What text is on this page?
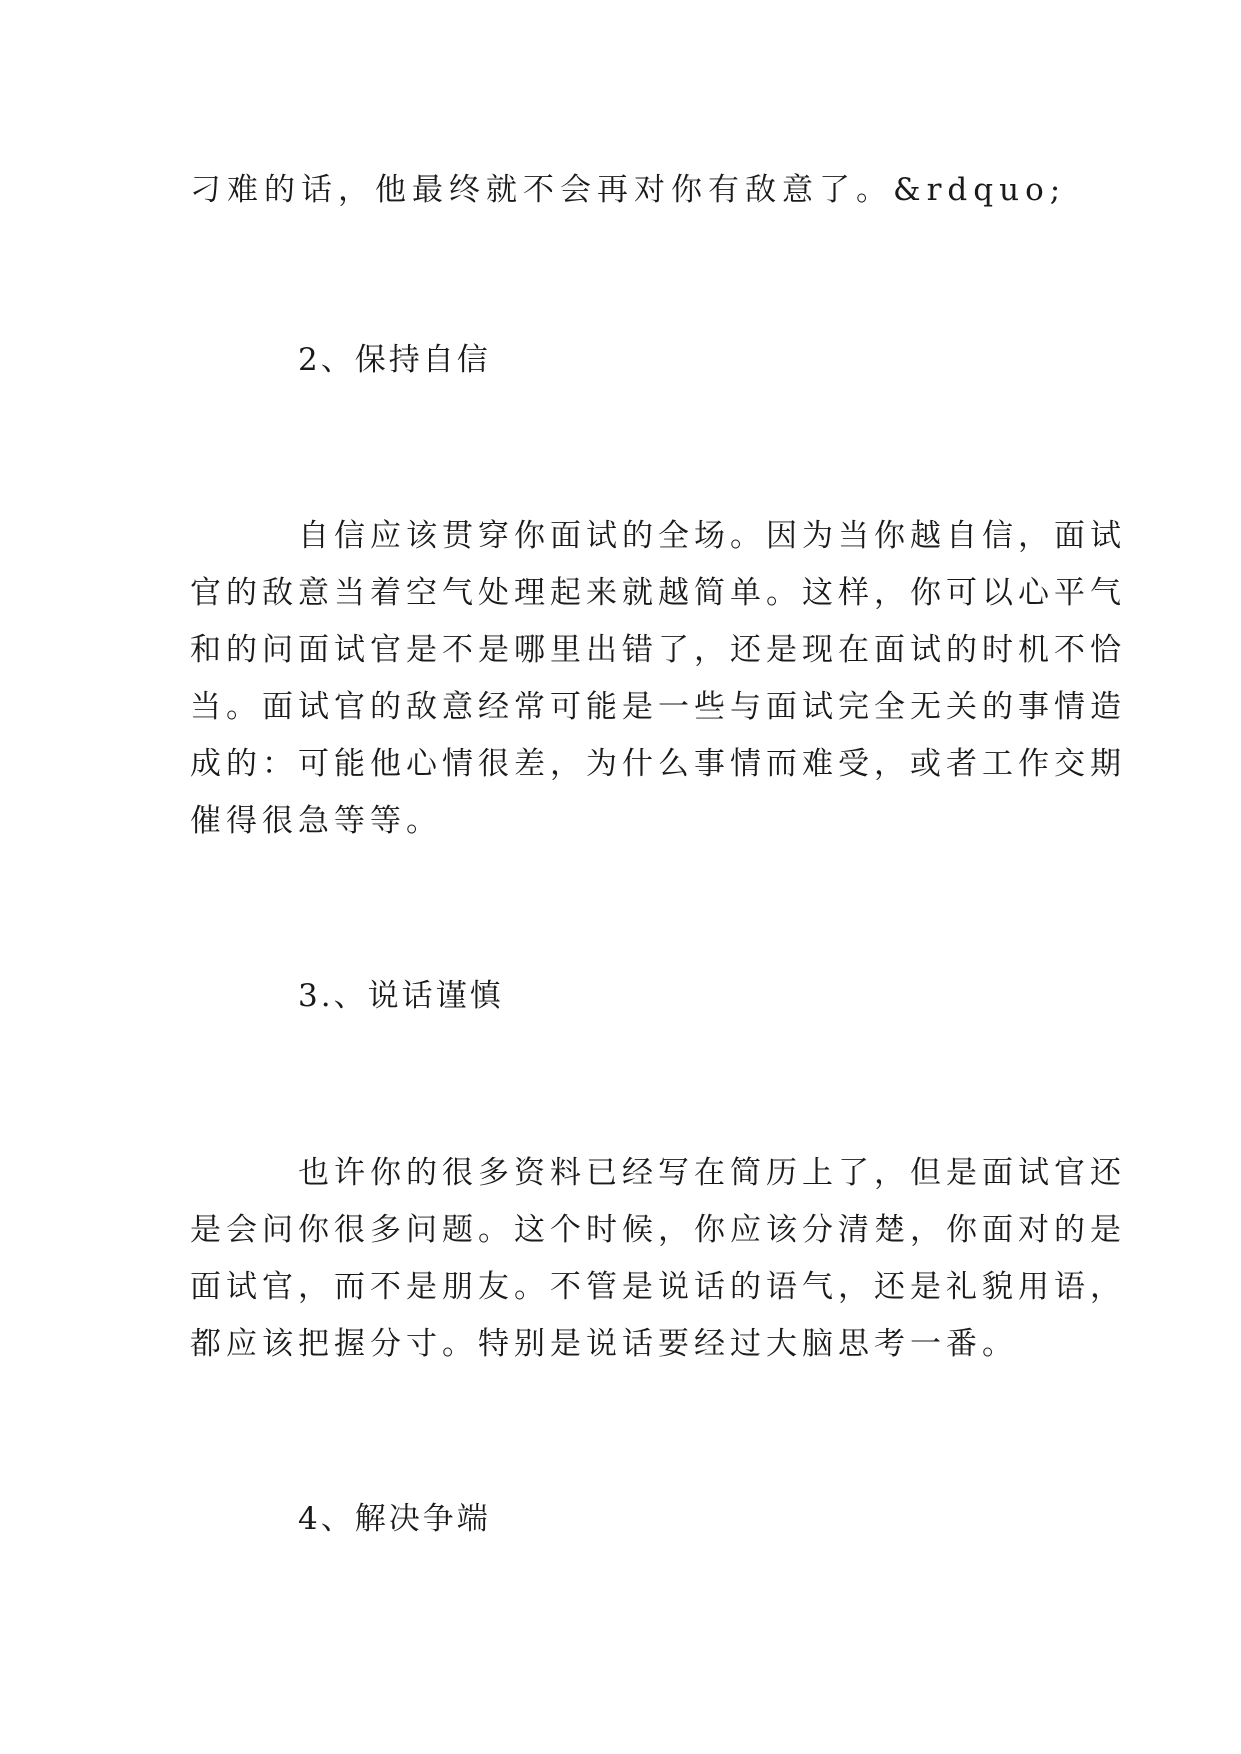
刁难的话，他最终就不会再对你有敌意了。&rdquo;
2、保持自信
自信应该贯穿你面试的全场。因为当你越自信，面试
官的敌意当着空气处理起来就越简单。这样，你可以心平气
和的问面试官是不是哪里出错了，还是现在面试的时机不恰
当。面试官的敌意经常可能是一些与面试完全无关的事情造
成的：可能他心情很差，为什么事情而难受，或者工作交期
催得很急等等。
3.、说话谨慎
也许你的很多资料已经写在简历上了，但是面试官还
是会问你很多问题。这个时候，你应该分清楚，你面对的是
面试官，而不是朋友。不管是说话的语气，还是礼貌用语，
都应该把握分寸。特别是说话要经过大脑思考一番。
4、解决争端
